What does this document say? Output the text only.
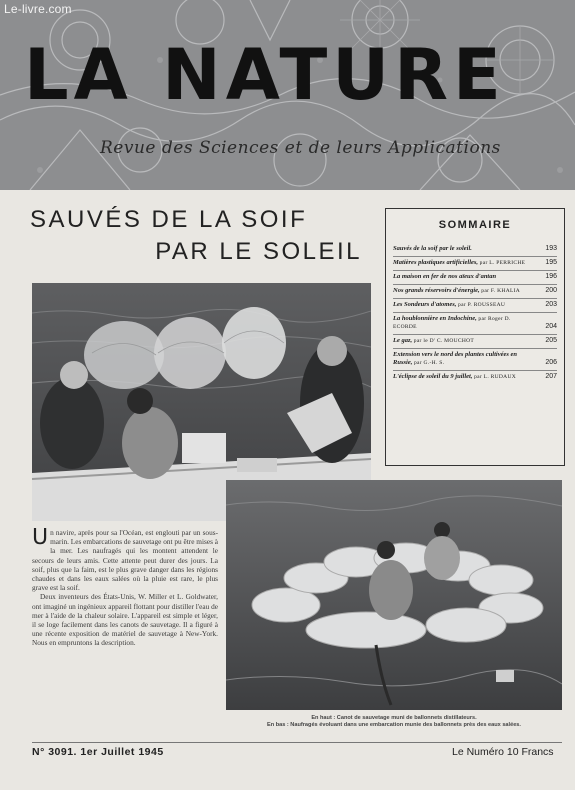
Le-livre.com
LA NATURE
Revue des Sciences et de leurs Applications
SAUVÉS DE LA SOIF
PAR LE SOLEIL
SOMMAIRE
Sauvés de la soif par le soleil.	193
Matières plastiques artificielles, par L. PERRICHE	195
La maison en fer de nos aïeux d'antan	196
Nos grands réservoirs d'énergie, par F. KHALIA	200
Les Sondeurs d'atomes, par P. ROUSSEAU	203
La houblonnière en Indochine, par Roger D. ECORDE	204
Le gaz, par le D' C. MOUCHOT	205
Extension vers le nord des plantes cultivées en Russie, par G.-H. S.	206
L'éclipse de soleil du 9 juillet, par L. RUDAUX	207

Un navire, après pour sa l'Océan, est englouti par un sous-marin. Les embarcations de sauvetage ont pu être mises à la mer. Les naufragés qui les montent attendent le secours de leurs amis. Cette attente peut durer des jours. La soif, plus que la faim, est le plus grave danger dans les régions chaudes et dans les eaux salées où la pluie est rare, le plus grave est la soif.

Deux inventeurs des États-Unis, W. Miller et L. Goldwater, ont imaginé un ingénieux appareil flottant pour distiller l'eau de mer à l'aide de la chaleur solaire. L'appareil est simple et léger, il se loge facilement dans les canots de sauvetage. Il a figuré à une récente exposition de matériel de sauvetage à New-York. Nous en empruntons la description.

En haut : Canot de sauvetage muni de ballonnets distillateurs.
En bas : Naufragés évoluant dans une embarcation munie des ballonnets près des eaux salées.
N° 3091. 1er Juillet 1945	Le Numéro 10 Francs
